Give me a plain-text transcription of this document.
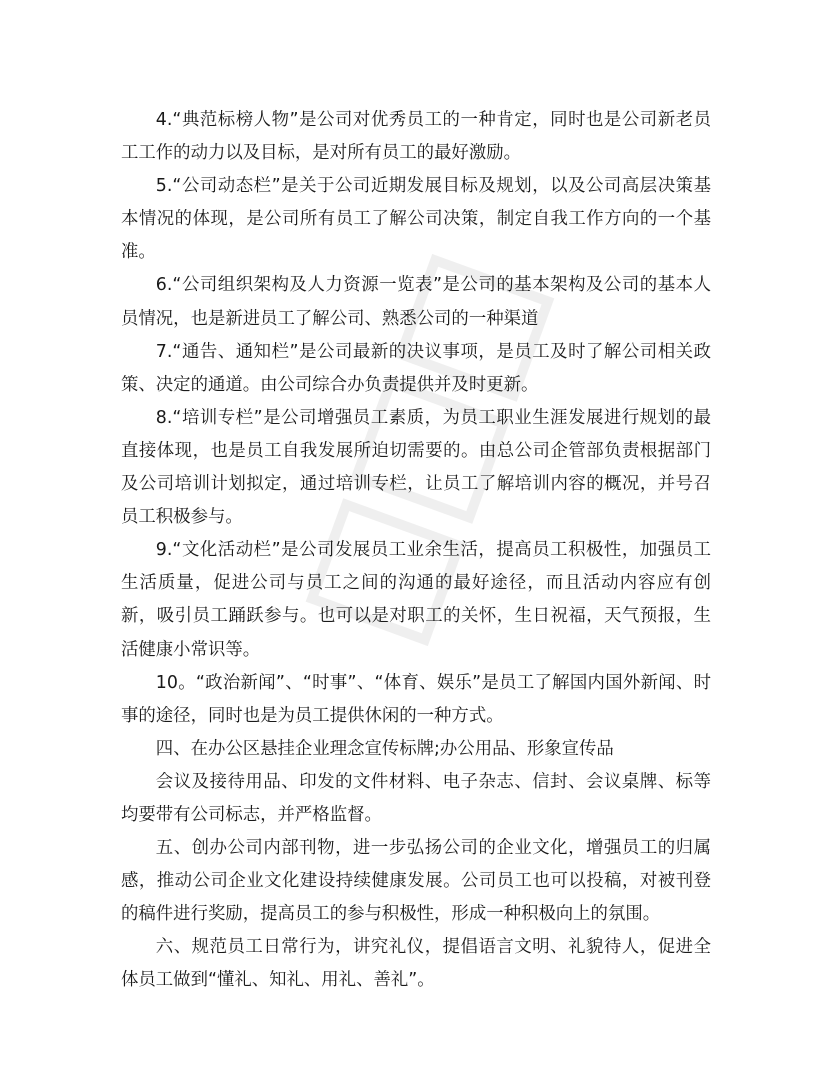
4.“典范标榜人物”是公司对优秀员工的一种肯定，同时也是公司新老员工工作的动力以及目标，是对所有员工的最好激励。

5.“公司动态栏”是关于公司近期发展目标及规划，以及公司高层决策基本情况的体现，是公司所有员工了解公司决策，制定自我工作方向的一个基准。

6.“公司组织架构及人力资源一览表”是公司的基本架构及公司的基本人员情况，也是新进员工了解公司、熟悉公司的一种渠道

7.“通告、通知栏”是公司最新的决议事项，是员工及时了解公司相关政策、决定的通道。由公司综合办负责提供并及时更新。

8.“培训专栏”是公司增强员工素质，为员工职业生涯发展进行规划的最直接体现，也是员工自我发展所迫切需要的。由总公司企管部负责根据部门及公司培训计划拟定，通过培训专栏，让员工了解培训内容的概况，并号召员工积极参与。

9.“文化活动栏”是公司发展员工业余生活，提高员工积极性，加强员工生活质量，促进公司与员工之间的沟通的最好途径，而且活动内容应有创新，吸引员工踊跃参与。也可以是对职工的关怀，生日祝福，天气预报，生活健康小常识等。

10。“政治新闻”、“时事”、“体育、娱乐”是员工了解国内国外新闻、时事的途径，同时也是为员工提供休闲的一种方式。

四、在办公区悬挂企业理念宣传标牌;办公用品、形象宣传品

会议及接待用品、印发的文件材料、电子杂志、信封、会议桌牌、标等均要带有公司标志，并严格监督。

五、创办公司内部刊物，进一步弘扬公司的企业文化，增强员工的归属感，推动公司企业文化建设持续健康发展。公司员工也可以投稿，对被刊登的稿件进行奖励，提高员工的参与积极性，形成一种积极向上的氛围。

六、规范员工日常行为，讲究礼仪，提倡语言文明、礼貌待人，促进全体员工做到“懂礼、知礼、用礼、善礼”。
